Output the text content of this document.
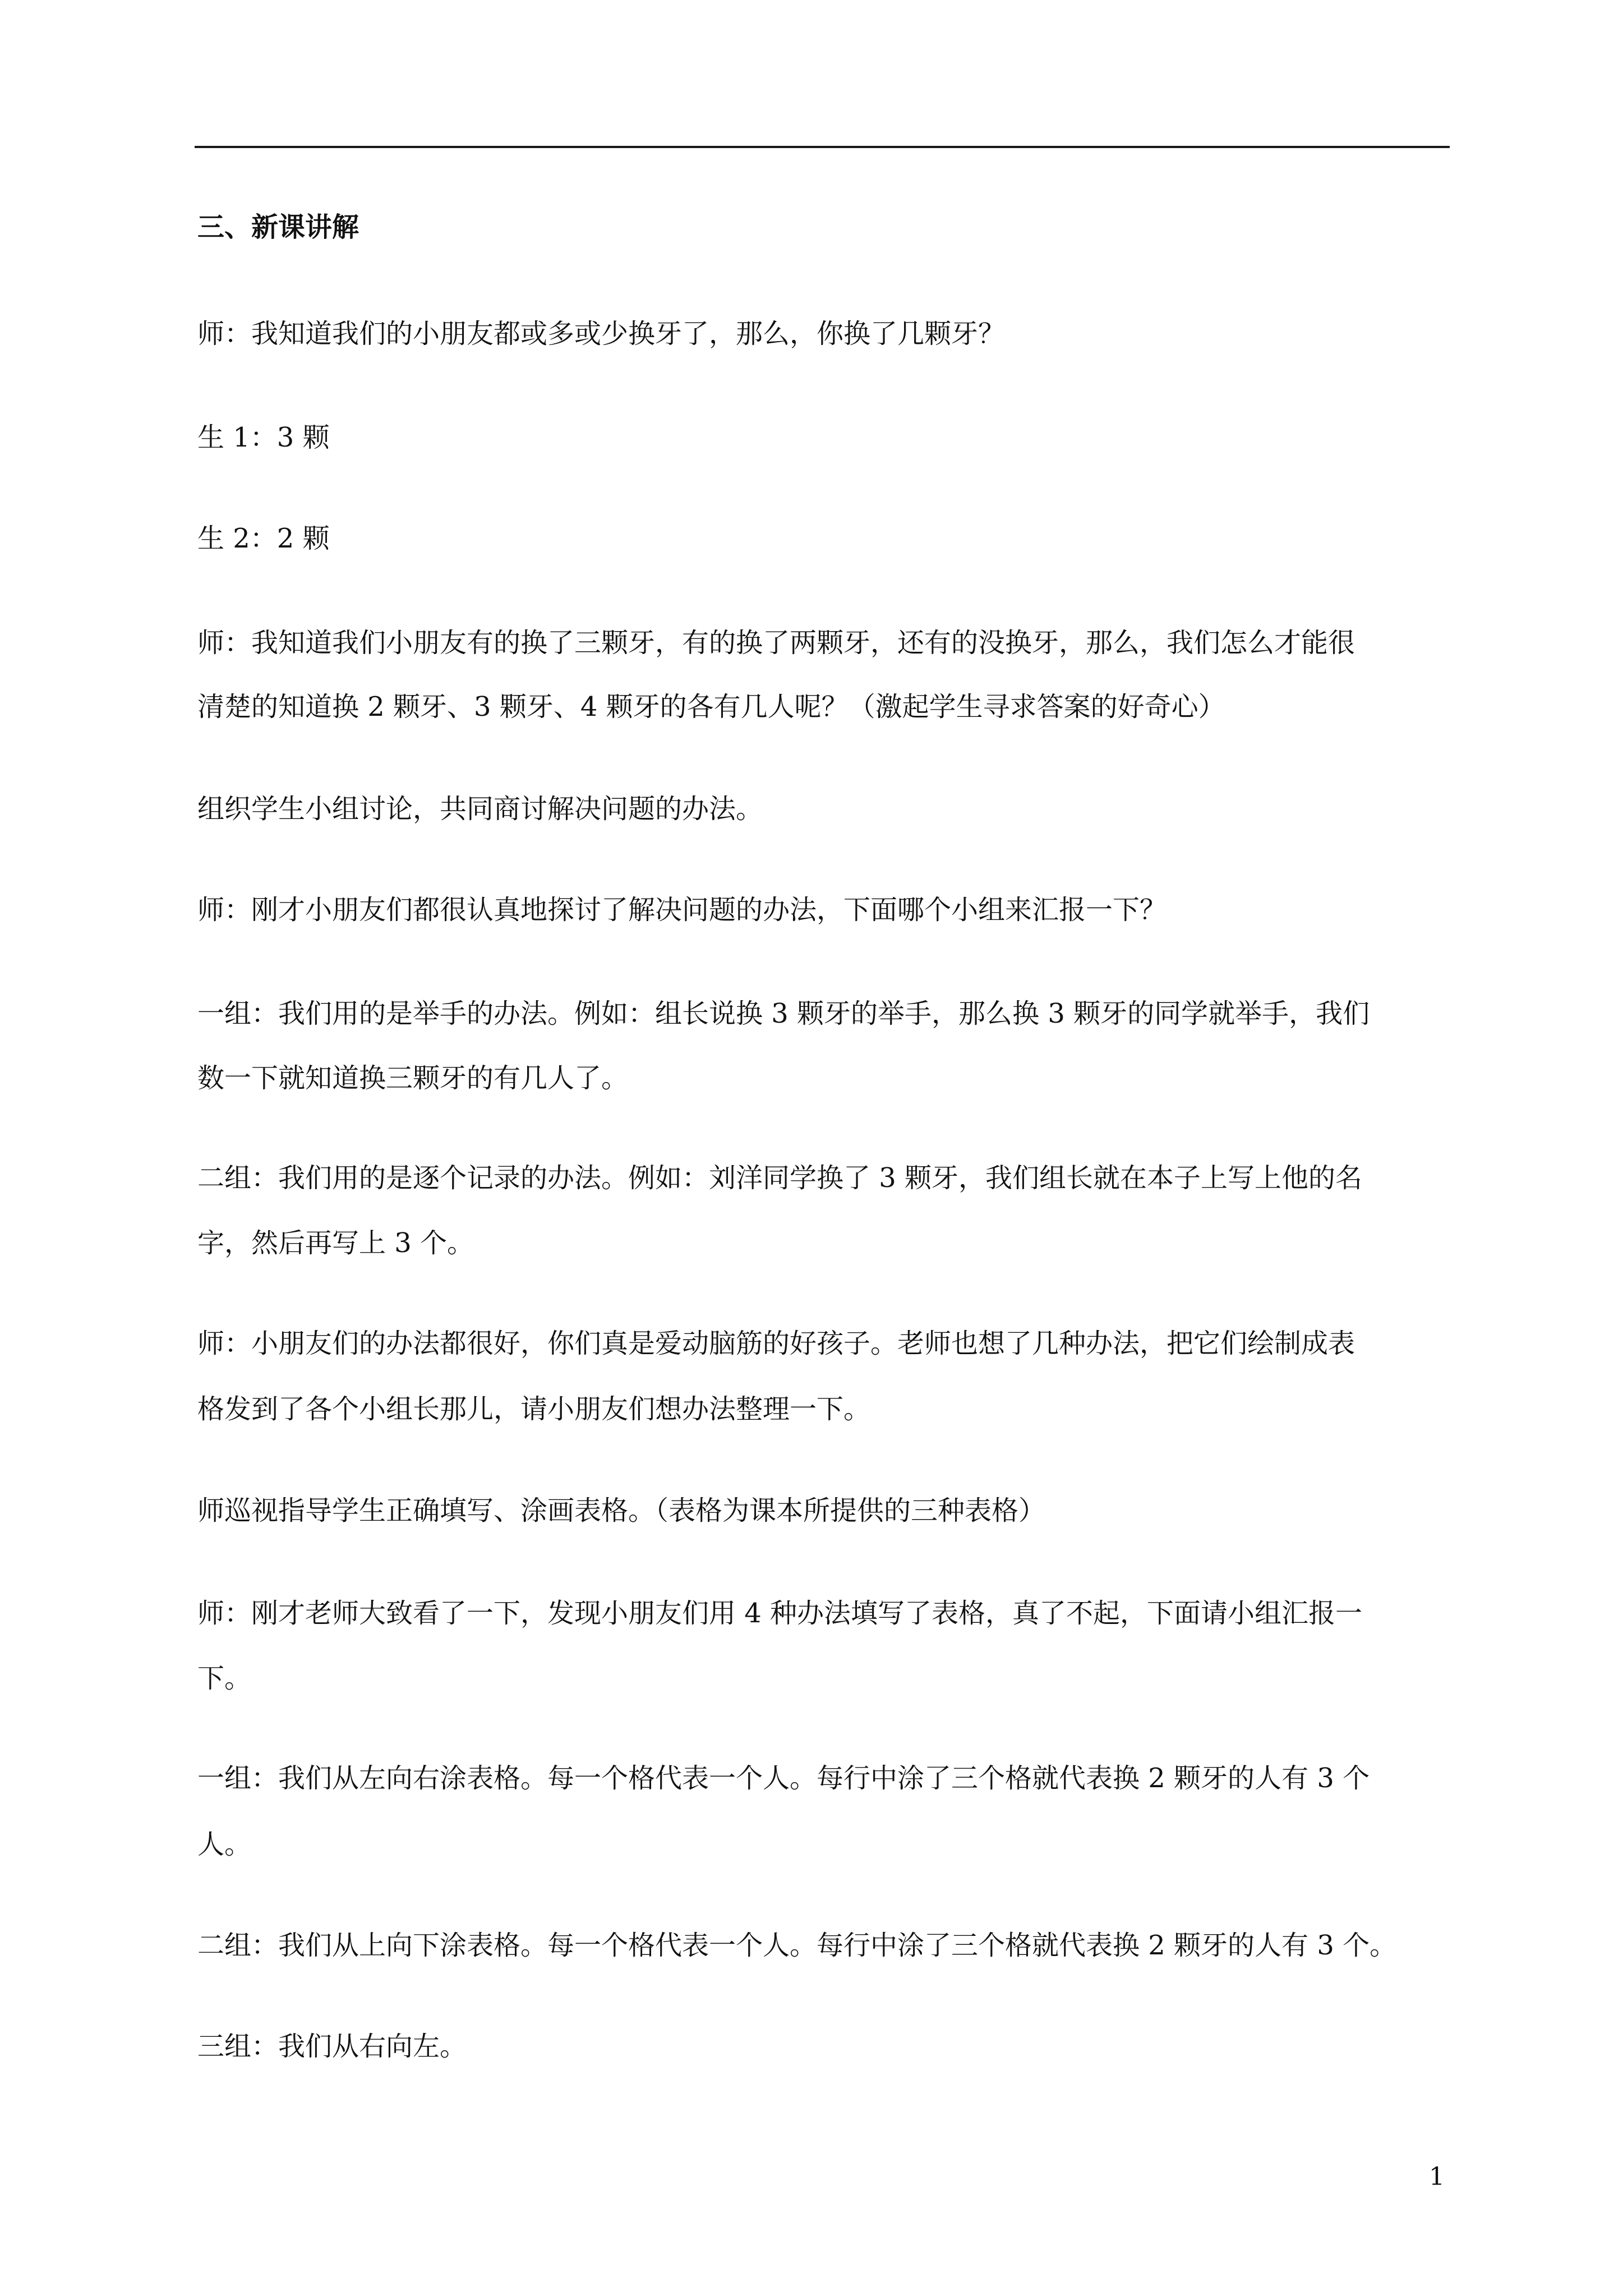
三、新课讲解
师：我知道我们的小朋友都或多或少换牙了，那么，你换了几颗牙？
生 1：3 颗
生 2：2 颗
师：我知道我们小朋友有的换了三颗牙，有的换了两颗牙，还有的没换牙，那么，我们怎么才能很
清楚的知道换 2 颗牙、3 颗牙、4 颗牙的各有几人呢？（激起学生寻求答案的好奇心）
组织学生小组讨论，共同商讨解决问题的办法。
师：刚才小朋友们都很认真地探讨了解决问题的办法，下面哪个小组来汇报一下？
一组：我们用的是举手的办法。例如：组长说换 3 颗牙的举手，那么换 3 颗牙的同学就举手，我们
数一下就知道换三颗牙的有几人了。
二组：我们用的是逐个记录的办法。例如：刘洋同学换了 3 颗牙，我们组长就在本子上写上他的名
字，然后再写上 3 个。
师：小朋友们的办法都很好，你们真是爱动脑筋的好孩子。老师也想了几种办法，把它们绘制成表
格发到了各个小组长那儿，请小朋友们想办法整理一下。
师巡视指导学生正确填写、涂画表格。（表格为课本所提供的三种表格）
师：刚才老师大致看了一下，发现小朋友们用 4 种办法填写了表格，真了不起，下面请小组汇报一
下。
一组：我们从左向右涂表格。每一个格代表一个人。每行中涂了三个格就代表换 2 颗牙的人有 3 个
人。
二组：我们从上向下涂表格。每一个格代表一个人。每行中涂了三个格就代表换 2 颗牙的人有 3 个。
三组：我们从右向左。
1
